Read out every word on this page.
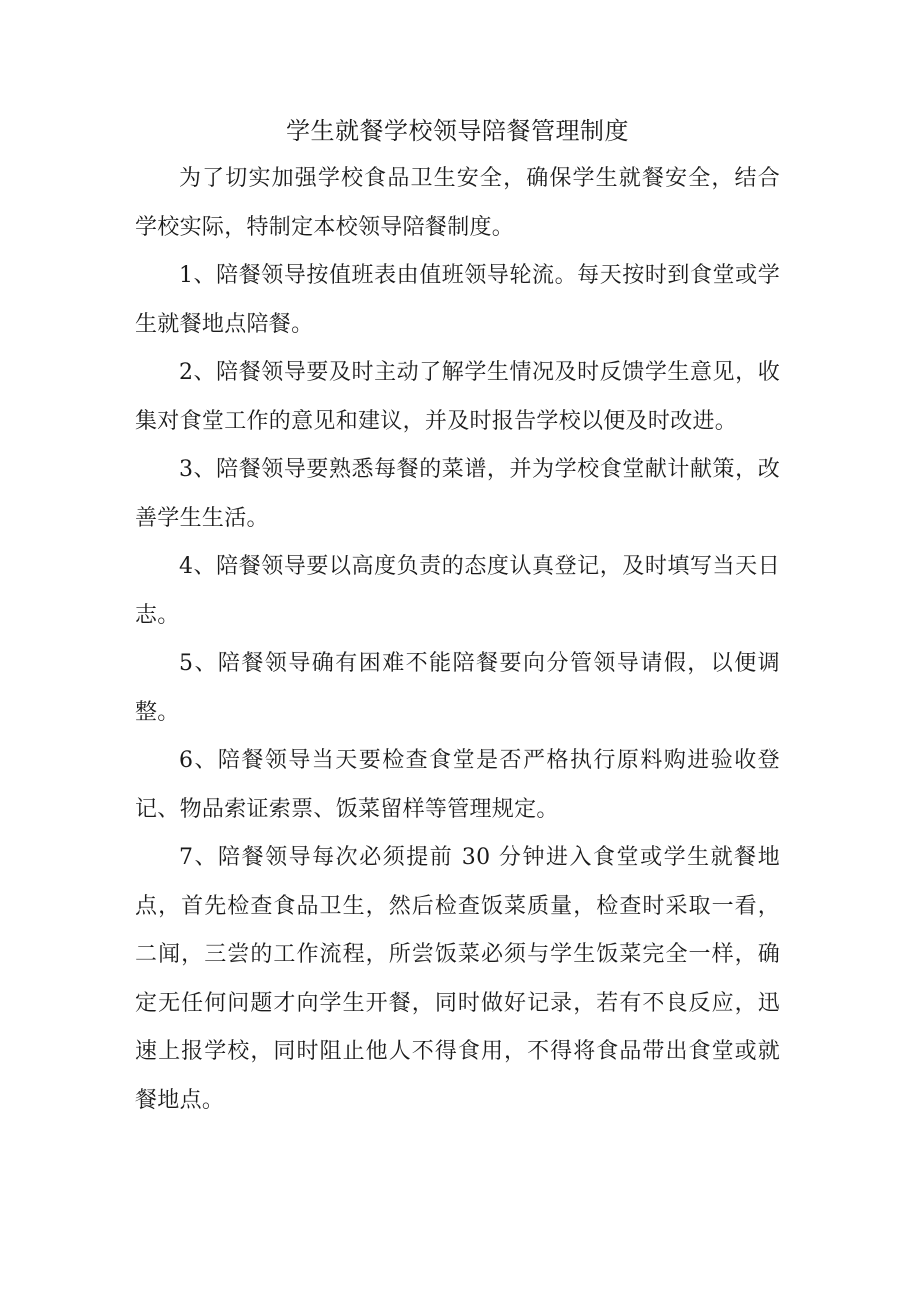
学生就餐学校领导陪餐管理制度

为了切实加强学校食品卫生安全，确保学生就餐安全，结合学校实际，特制定本校领导陪餐制度。

1、陪餐领导按值班表由值班领导轮流。每天按时到食堂或学生就餐地点陪餐。

2、陪餐领导要及时主动了解学生情况及时反馈学生意见，收集对食堂工作的意见和建议，并及时报告学校以便及时改进。

3、陪餐领导要熟悉每餐的菜谱，并为学校食堂献计献策，改善学生生活。

4、陪餐领导要以高度负责的态度认真登记，及时填写当天日志。

5、陪餐领导确有困难不能陪餐要向分管领导请假，以便调整。

6、陪餐领导当天要检查食堂是否严格执行原料购进验收登记、物品索证索票、饭菜留样等管理规定。

7、陪餐领导每次必须提前 30 分钟进入食堂或学生就餐地点，首先检查食品卫生，然后检查饭菜质量，检查时采取一看，二闻，三尝的工作流程，所尝饭菜必须与学生饭菜完全一样，确定无任何问题才向学生开餐，同时做好记录，若有不良反应，迅速上报学校，同时阻止他人不得食用，不得将食品带出食堂或就餐地点。
